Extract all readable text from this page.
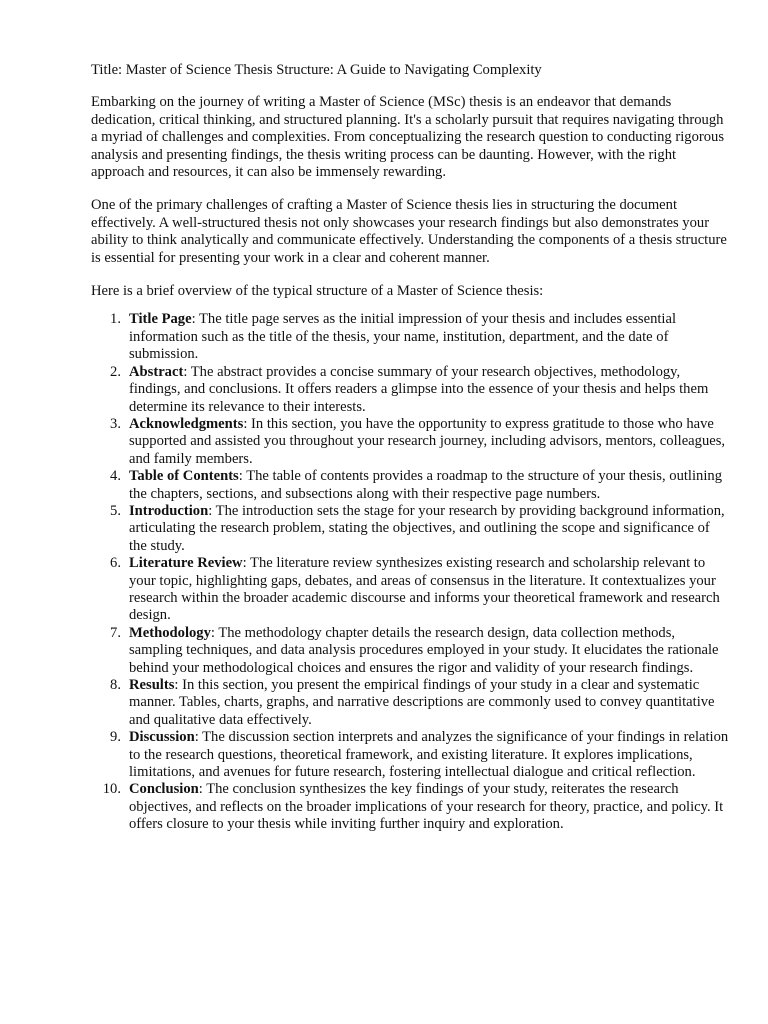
Title: Master of Science Thesis Structure: A Guide to Navigating Complexity

Embarking on the journey of writing a Master of Science (MSc) thesis is an endeavor that demands dedication, critical thinking, and structured planning. It's a scholarly pursuit that requires navigating through a myriad of challenges and complexities. From conceptualizing the research question to conducting rigorous analysis and presenting findings, the thesis writing process can be daunting. However, with the right approach and resources, it can also be immensely rewarding.

One of the primary challenges of crafting a Master of Science thesis lies in structuring the document effectively. A well-structured thesis not only showcases your research findings but also demonstrates your ability to think analytically and communicate effectively. Understanding the components of a thesis structure is essential for presenting your work in a clear and coherent manner.

Here is a brief overview of the typical structure of a Master of Science thesis:

1. Title Page: The title page serves as the initial impression of your thesis and includes essential information such as the title of the thesis, your name, institution, department, and the date of submission.
2. Abstract: The abstract provides a concise summary of your research objectives, methodology, findings, and conclusions. It offers readers a glimpse into the essence of your thesis and helps them determine its relevance to their interests.
3. Acknowledgments: In this section, you have the opportunity to express gratitude to those who have supported and assisted you throughout your research journey, including advisors, mentors, colleagues, and family members.
4. Table of Contents: The table of contents provides a roadmap to the structure of your thesis, outlining the chapters, sections, and subsections along with their respective page numbers.
5. Introduction: The introduction sets the stage for your research by providing background information, articulating the research problem, stating the objectives, and outlining the scope and significance of the study.
6. Literature Review: The literature review synthesizes existing research and scholarship relevant to your topic, highlighting gaps, debates, and areas of consensus in the literature. It contextualizes your research within the broader academic discourse and informs your theoretical framework and research design.
7. Methodology: The methodology chapter details the research design, data collection methods, sampling techniques, and data analysis procedures employed in your study. It elucidates the rationale behind your methodological choices and ensures the rigor and validity of your research findings.
8. Results: In this section, you present the empirical findings of your study in a clear and systematic manner. Tables, charts, graphs, and narrative descriptions are commonly used to convey quantitative and qualitative data effectively.
9. Discussion: The discussion section interprets and analyzes the significance of your findings in relation to the research questions, theoretical framework, and existing literature. It explores implications, limitations, and avenues for future research, fostering intellectual dialogue and critical reflection.
10. Conclusion: The conclusion synthesizes the key findings of your study, reiterates the research objectives, and reflects on the broader implications of your research for theory, practice, and policy. It offers closure to your thesis while inviting further inquiry and exploration.
